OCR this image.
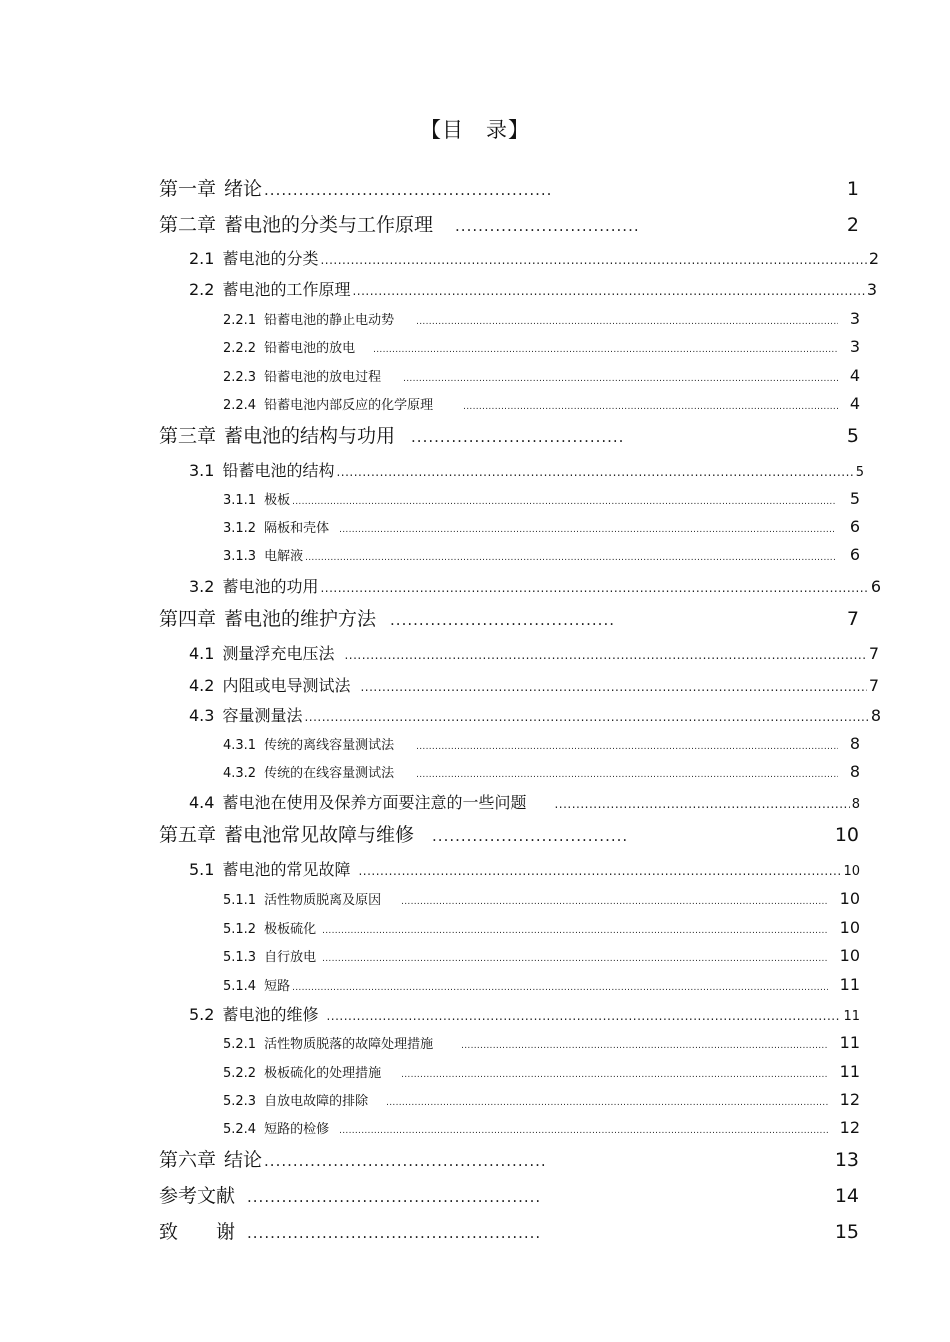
【目　录】
第一章 绪论 .....	1
第二章 蓄电池的分类与工作原理 .....	2
2.1 蓄电池的分类 .....	2
2.2 蓄电池的工作原理 .....	3
2.2.1 铅蓄电池的静止电动势 .....	3
2.2.2 铅蓄电池的放电 .....	3
2.2.3 铅蓄电池的放电过程 .....	4
2.2.4 铅蓄电池内部反应的化学原理 .....	4
第三章 蓄电池的结构与功用 .....	5
3.1 铅蓄电池的结构 .....	5
3.1.1 极板 .....	5
3.1.2 隔板和壳体 .....	6
3.1.3 电解液 .....	6
3.2 蓄电池的功用 .....	6
第四章 蓄电池的维护方法 .....	7
4.1 测量浮充电压法 .....	7
4.2 内阻或电导测试法 .....	7
4.3 容量测量法 .....	8
4.3.1 传统的离线容量测试法 .....	8
4.3.2 传统的在线容量测试法 .....	8
4.4 蓄电池在使用及保养方面要注意的一些问题 .....	8
第五章 蓄电池常见故障与维修 .....	10
5.1 蓄电池的常见故障 .....	10
5.1.1 活性物质脱离及原因 .....	10
5.1.2 极板硫化 .....	10
5.1.3 自行放电 .....	10
5.1.4 短路 .....	11
5.2 蓄电池的维修 .....	11
5.2.1 活性物质脱落的故障处理措施 .....	11
5.2.2 极板硫化的处理措施 .....	11
5.2.3 自放电故障的排除 .....	12
5.2.4 短路的检修 .....	12
第六章 结论 .....	13
参考文献 .....	14
致　　谢 .....	15
